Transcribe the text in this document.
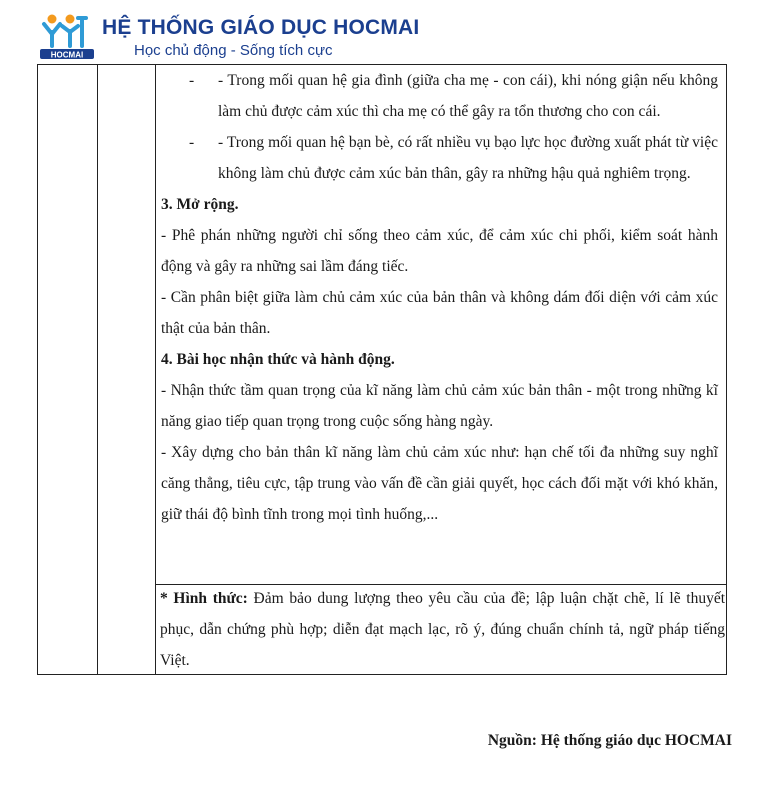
HOCMAI
HỆ THỐNG GIÁO DỤC HOCMAI
Học chủ động - Sống tích cực

- - Trong mối quan hệ gia đình (giữa cha mẹ - con cái), khi nóng giận nếu không làm chủ được cảm xúc thì cha mẹ có thể gây ra tổn thương cho con cái.

- - Trong mối quan hệ bạn bè, có rất nhiều vụ bạo lực học đường xuất phát từ việc không làm chủ được cảm xúc bản thân, gây ra những hậu quả nghiêm trọng.

3. Mở rộng.

- Phê phán những người chỉ sống theo cảm xúc, để cảm xúc chi phối, kiểm soát hành động và gây ra những sai lầm đáng tiếc.

- Cần phân biệt giữa làm chủ cảm xúc của bản thân và không dám đối diện với cảm xúc thật của bản thân.

4. Bài học nhận thức và hành động.

- Nhận thức tầm quan trọng của kĩ năng làm chủ cảm xúc bản thân - một trong những kĩ năng giao tiếp quan trọng trong cuộc sống hàng ngày.

- Xây dựng cho bản thân kĩ năng làm chủ cảm xúc như: hạn chế tối đa những suy nghĩ căng thẳng, tiêu cực, tập trung vào vấn đề cần giải quyết, học cách đối mặt với khó khăn, giữ thái độ bình tĩnh trong mọi tình huống,...

* Hình thức: Đảm bảo dung lượng theo yêu cầu của đề; lập luận chặt chẽ, lí lẽ thuyết phục, dẫn chứng phù hợp; diễn đạt mạch lạc, rõ ý, đúng chuẩn chính tả, ngữ pháp tiếng Việt.
Nguồn: Hệ thống giáo dục HOCMAI
